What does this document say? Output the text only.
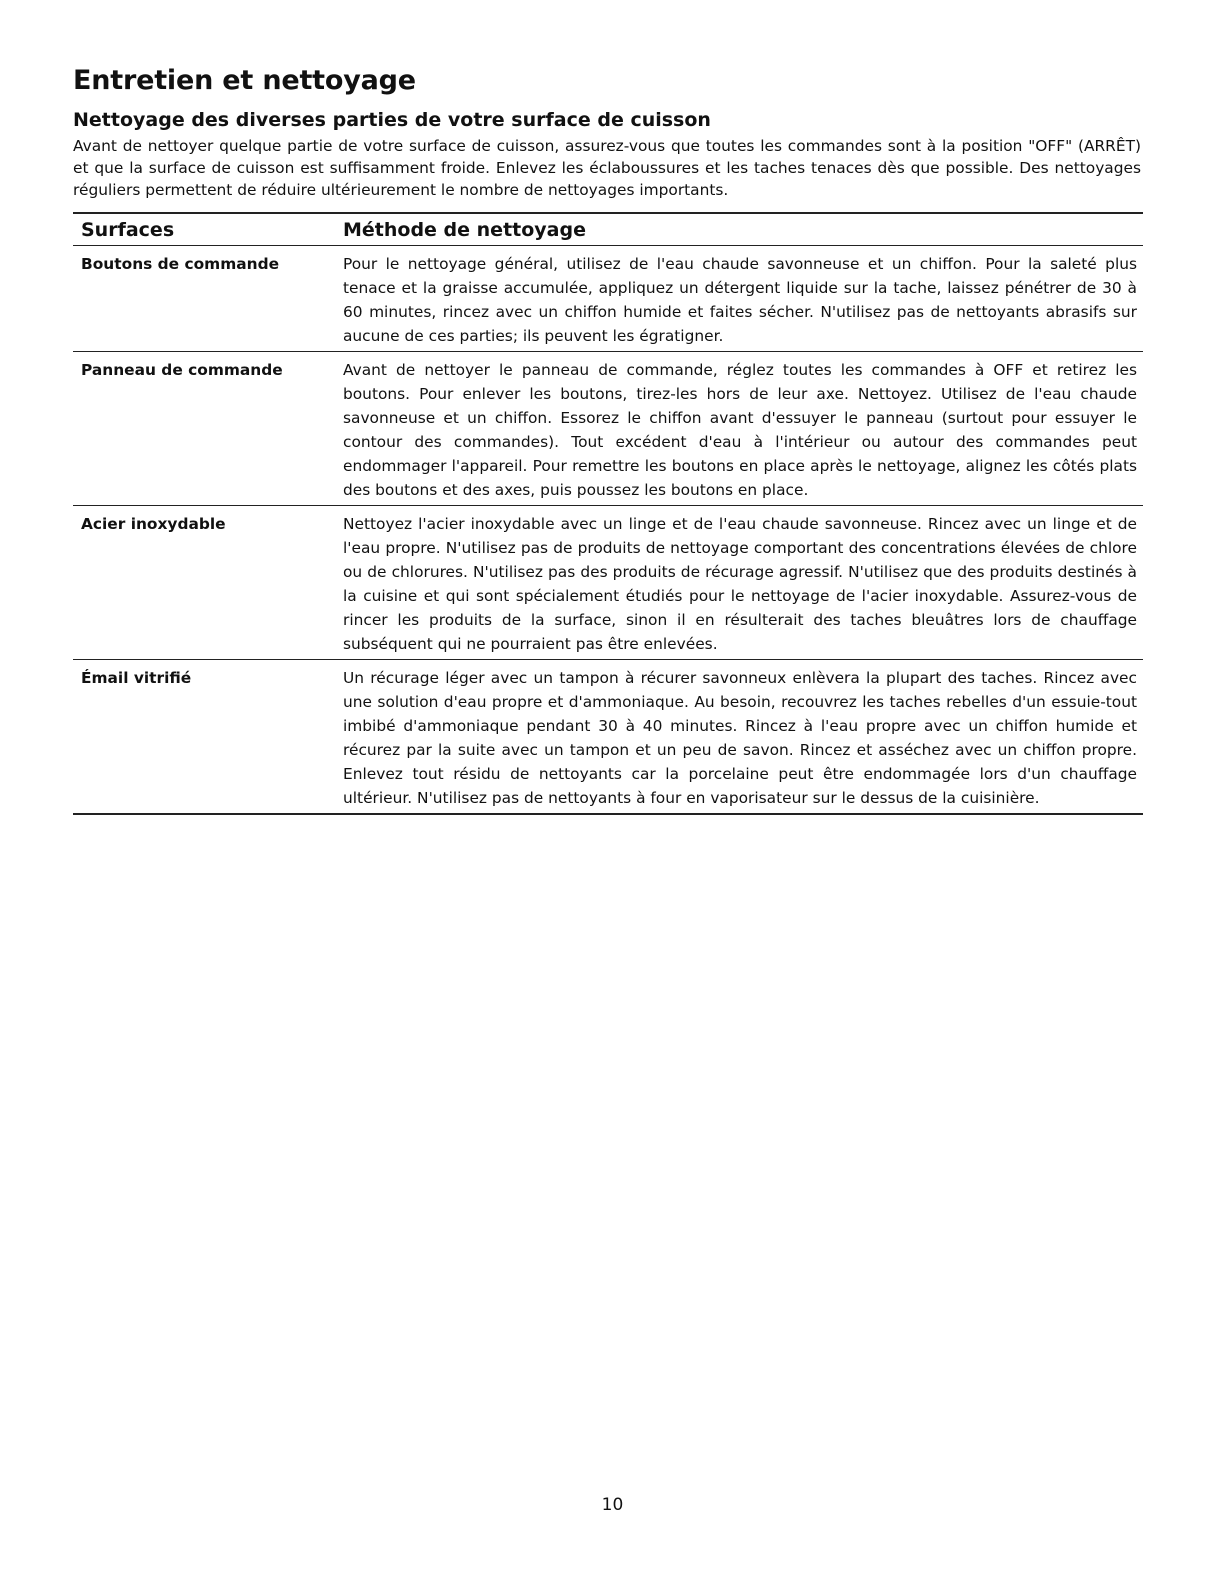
Entretien et nettoyage
Nettoyage des diverses parties de votre surface de cuisson

Avant de nettoyer quelque partie de votre surface de cuisson, assurez-vous que toutes les commandes sont à la position "OFF" (ARRÊT) et que la surface de cuisson est suffisamment froide. Enlevez les éclaboussures et les taches tenaces dès que possible. Des nettoyages réguliers permettent de réduire ultérieurement le nombre de nettoyages importants.

Surfaces	Méthode de nettoyage
Boutons de commande	Pour le nettoyage général, utilisez de l'eau chaude savonneuse et un chiffon. Pour la saleté plus tenace et la graisse accumulée, appliquez un détergent liquide sur la tache, laissez pénétrer de 30 à 60 minutes, rincez avec un chiffon humide et faites sécher. N'utilisez pas de nettoyants abrasifs sur aucune de ces parties; ils peuvent les égratigner.
Panneau de commande	Avant de nettoyer le panneau de commande, réglez toutes les commandes à OFF et retirez les boutons. Pour enlever les boutons, tirez-les hors de leur axe. Nettoyez. Utilisez de l'eau chaude savonneuse et un chiffon. Essorez le chiffon avant d'essuyer le panneau (surtout pour essuyer le contour des commandes). Tout excédent d'eau à l'intérieur ou autour des commandes peut endommager l'appareil. Pour remettre les boutons en place après le nettoyage, alignez les côtés plats des boutons et des axes, puis poussez les boutons en place.
Acier inoxydable	Nettoyez l'acier inoxydable avec un linge et de l'eau chaude savonneuse. Rincez avec un linge et de l'eau propre. N'utilisez pas de produits de nettoyage comportant des concentrations élevées de chlore ou de chlorures. N'utilisez pas des produits de récurage agressif. N'utilisez que des produits destinés à la cuisine et qui sont spécialement étudiés pour le nettoyage de l'acier inoxydable. Assurez-vous de rincer les produits de la surface, sinon il en résulterait des taches bleuâtres lors de chauffage subséquent qui ne pourraient pas être enlevées.
Émail vitrifié	Un récurage léger avec un tampon à récurer savonneux enlèvera la plupart des taches. Rincez avec une solution d'eau propre et d'ammoniaque. Au besoin, recouvrez les taches rebelles d'un essuie-tout imbibé d'ammoniaque pendant 30 à 40 minutes. Rincez à l'eau propre avec un chiffon humide et récurez par la suite avec un tampon et un peu de savon. Rincez et asséchez avec un chiffon propre. Enlevez tout résidu de nettoyants car la porcelaine peut être endommagée lors d'un chauffage ultérieur. N'utilisez pas de nettoyants à four en vaporisateur sur le dessus de la cuisinière.
10
